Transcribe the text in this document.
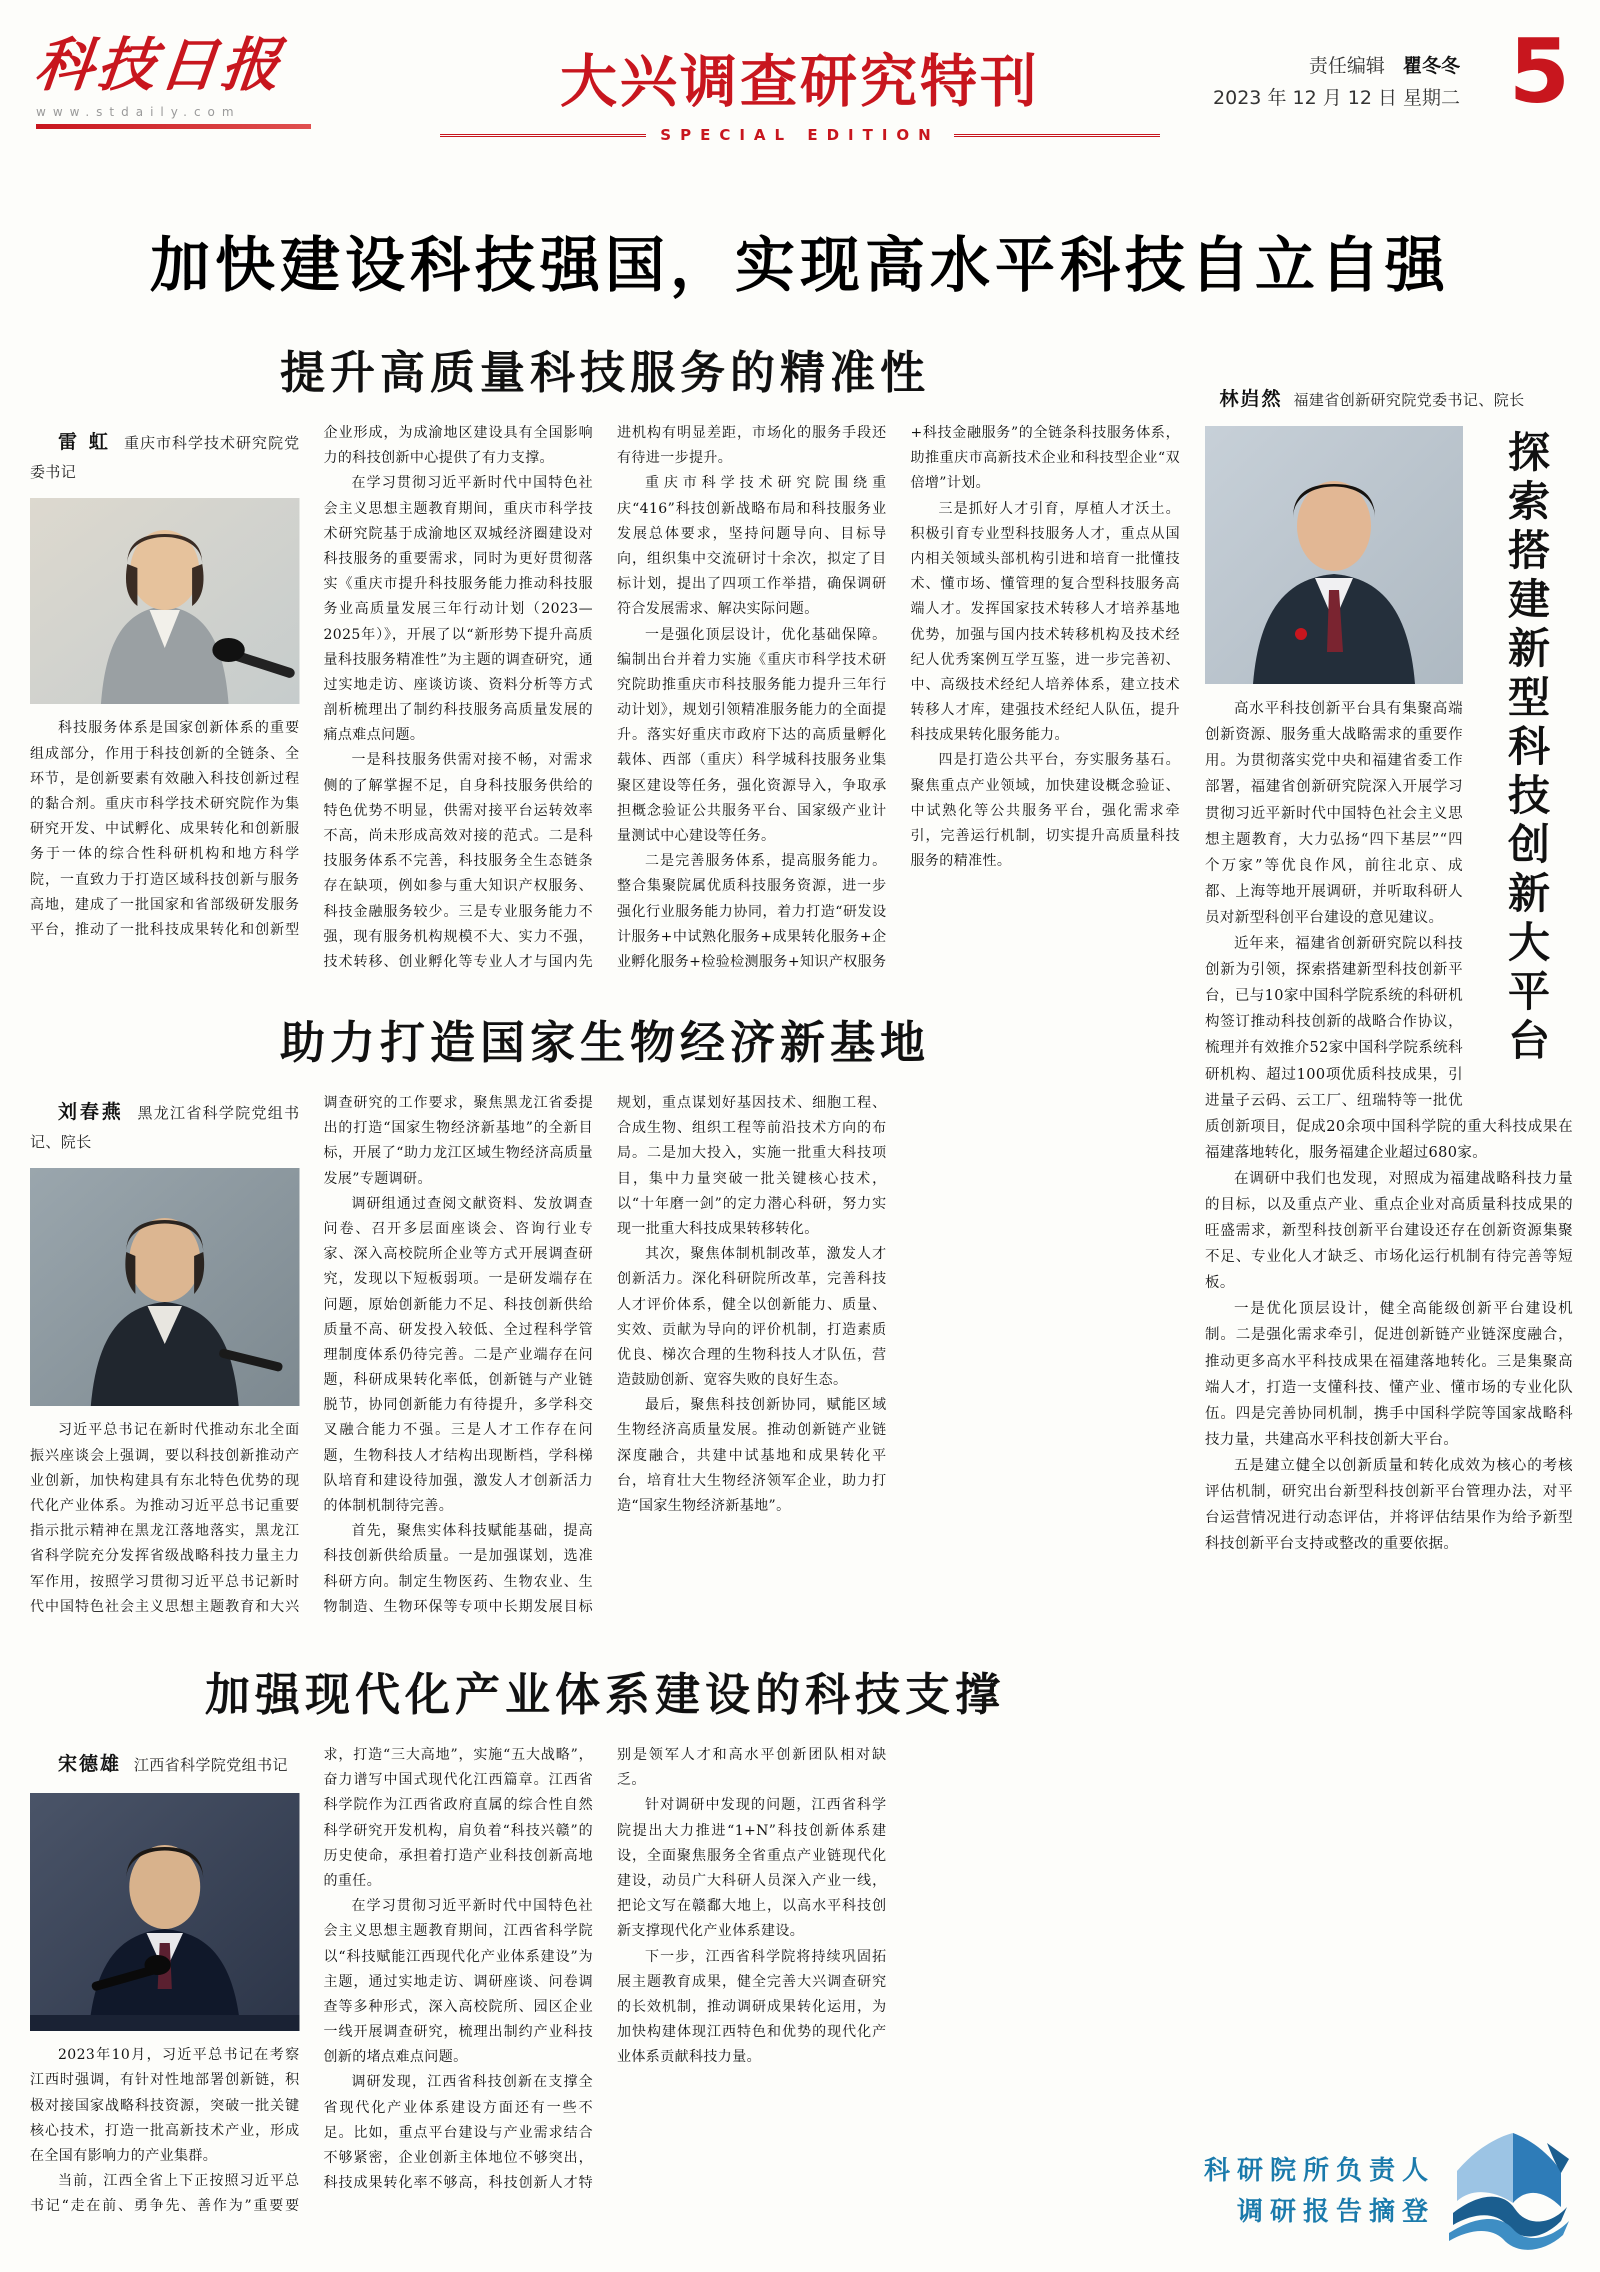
科技日报
www.stdaily.com	大兴调查研究特刊
SPECIAL EDITION
责任编辑 瞿冬冬
2023 年 12 月 12 日 星期二 5
加快建设科技强国，实现高水平科技自立自强
提升高质量科技服务的精准性
雷 虹 重庆市科学技术研究院党委书记

科技服务体系是国家创新体系的重要组成部分，作用于科技创新的全链条、全环节，是创新要素有效融入科技创新过程的黏合剂。重庆市科学技术研究院作为集研究开发、中试孵化、成果转化和创新服务于一体的综合性科研机构和地方科学院，一直致力于打造区域科技创新与服务高地，建成了一批国家和省部级研发服务平台，推动了一批科技成果转化和创新型企业形成，为成渝地区建设具有全国影响力的科技创新中心提供了有力支撑。

在学习贯彻习近平新时代中国特色社会主义思想主题教育期间，重庆市科学技术研究院基于成渝地区双城经济圈建设对科技服务的重要需求，同时为更好贯彻落实《重庆市提升科技服务能力推动科技服务业高质量发展三年行动计划（2023—2025年）》，开展了以“新形势下提升高质量科技服务精准性”为主题的调查研究，通过实地走访、座谈访谈、资料分析等方式剖析梳理出了制约科技服务高质量发展的痛点难点问题。

一是科技服务供需对接不畅，对需求侧的了解掌握不足，自身科技服务供给的特色优势不明显，供需对接平台运转效率不高，尚未形成高效对接的范式。二是科技服务体系不完善，科技服务全生态链条存在缺项，例如参与重大知识产权服务、科技金融服务较少。三是专业服务能力不强，现有服务机构规模不大、实力不强，技术转移、创业孵化等专业人才与国内先进机构有明显差距，市场化的服务手段还有待进一步提升。

重庆市科学技术研究院围绕重庆“416”科技创新战略布局和科技服务业发展总体要求，坚持问题导向、目标导向，组织集中交流研讨十余次，拟定了目标计划，提出了四项工作举措，确保调研符合发展需求、解决实际问题。

一是强化顶层设计，优化基础保障。编制出台并着力实施《重庆市科学技术研究院助推重庆市科技服务能力提升三年行动计划》，规划引领精准服务能力的全面提升。落实好重庆市政府下达的高质量孵化载体、西部（重庆）科学城科技服务业集聚区建设等任务，强化资源导入，争取承担概念验证公共服务平台、国家级产业计量测试中心建设等任务。

二是完善服务体系，提高服务能力。整合集聚院属优质科技服务资源，进一步强化行业服务能力协同，着力打造“研发设计服务+中试熟化服务+成果转化服务+企业孵化服务+检验检测服务+知识产权服务+科技金融服务”的全链条科技服务体系，助推重庆市高新技术企业和科技型企业“双倍增”计划。

三是抓好人才引育，厚植人才沃土。积极引育专业型科技服务人才，重点从国内相关领域头部机构引进和培育一批懂技术、懂市场、懂管理的复合型科技服务高端人才。发挥国家技术转移人才培养基地优势，加强与国内技术转移机构及技术经纪人优秀案例互学互鉴，进一步完善初、中、高级技术经纪人培养体系，建立技术转移人才库，建强技术经纪人队伍，提升科技成果转化服务能力。

四是打造公共平台，夯实服务基石。聚焦重点产业领域，加快建设概念验证、中试熟化等公共服务平台，强化需求牵引，完善运行机制，切实提升高质量科技服务的精准性。

助力打造国家生物经济新基地
刘春燕 黑龙江省科学院党组书记、院长

习近平总书记在新时代推动东北全面振兴座谈会上强调，要以科技创新推动产业创新，加快构建具有东北特色优势的现代化产业体系。为推动习近平总书记重要指示批示精神在黑龙江落地落实，黑龙江省科学院充分发挥省级战略科技力量主力军作用，按照学习贯彻习近平总书记新时代中国特色社会主义思想主题教育和大兴调查研究的工作要求，聚焦黑龙江省委提出的打造“国家生物经济新基地”的全新目标，开展了“助力龙江区域生物经济高质量发展”专题调研。

调研组通过查阅文献资料、发放调查问卷、召开多层面座谈会、咨询行业专家、深入高校院所企业等方式开展调查研究，发现以下短板弱项。一是研发端存在问题，原始创新能力不足、科技创新供给质量不高、研发投入较低、全过程科学管理制度体系仍待完善。二是产业端存在问题，科研成果转化率低，创新链与产业链脱节，协同创新能力有待提升，多学科交叉融合能力不强。三是人才工作存在问题，生物科技人才结构出现断档，学科梯队培育和建设待加强，激发人才创新活力的体制机制待完善。

首先，聚焦实体科技赋能基础，提高科技创新供给质量。一是加强谋划，选准科研方向。制定生物医药、生物农业、生物制造、生物环保等专项中长期发展目标规划，重点谋划好基因技术、细胞工程、合成生物、组织工程等前沿技术方向的布局。二是加大投入，实施一批重大科技项目，集中力量突破一批关键核心技术，以“十年磨一剑”的定力潜心科研，努力实现一批重大科技成果转移转化。

其次，聚焦体制机制改革，激发人才创新活力。深化科研院所改革，完善科技人才评价体系，健全以创新能力、质量、实效、贡献为导向的评价机制，打造素质优良、梯次合理的生物科技人才队伍，营造鼓励创新、宽容失败的良好生态。

最后，聚焦科技创新协同，赋能区域生物经济高质量发展。推动创新链产业链深度融合，共建中试基地和成果转化平台，培育壮大生物经济领军企业，助力打造“国家生物经济新基地”。

加强现代化产业体系建设的科技支撑
宋德雄 江西省科学院党组书记

2023年10月，习近平总书记在考察江西时强调，有针对性地部署创新链，积极对接国家战略科技资源，突破一批关键核心技术，打造一批高新技术产业，形成在全国有影响力的产业集群。

当前，江西全省上下正按照习近平总书记“走在前、勇争先、善作为”重要要求，打造“三大高地”，实施“五大战略”，奋力谱写中国式现代化江西篇章。江西省科学院作为江西省政府直属的综合性自然科学研究开发机构，肩负着“科技兴赣”的历史使命，承担着打造产业科技创新高地的重任。

在学习贯彻习近平新时代中国特色社会主义思想主题教育期间，江西省科学院以“科技赋能江西现代化产业体系建设”为主题，通过实地走访、调研座谈、问卷调查等多种形式，深入高校院所、园区企业一线开展调查研究，梳理出制约产业科技创新的堵点难点问题。

调研发现，江西省科技创新在支撑全省现代化产业体系建设方面还有一些不足。比如，重点平台建设与产业需求结合不够紧密，企业创新主体地位不够突出，科技成果转化率不够高，科技创新人才特别是领军人才和高水平创新团队相对缺乏。

针对调研中发现的问题，江西省科学院提出大力推进“1+N”科技创新体系建设，全面聚焦服务全省重点产业链现代化建设，动员广大科研人员深入产业一线，把论文写在赣鄱大地上，以高水平科技创新支撑现代化产业体系建设。

下一步，江西省科学院将持续巩固拓展主题教育成果，健全完善大兴调查研究的长效机制，推动调研成果转化运用，为加快构建体现江西特色和优势的现代化产业体系贡献科技力量。

林岿然 福建省创新研究院党委书记、院长
探索搭建新型科技创新大平台

高水平科技创新平台具有集聚高端创新资源、服务重大战略需求的重要作用。为贯彻落实党中央和福建省委工作部署，福建省创新研究院深入开展学习贯彻习近平新时代中国特色社会主义思想主题教育，大力弘扬“四下基层”“四个万家”等优良作风，前往北京、成都、上海等地开展调研，并听取科研人员对新型科创平台建设的意见建议。

近年来，福建省创新研究院以科技创新为引领，探索搭建新型科技创新平台，已与10家中国科学院系统的科研机构签订推动科技创新的战略合作协议，梳理并有效推介52家中国科学院系统科研机构、超过100项优质科技成果，引进量子云码、云工厂、纽瑞特等一批优质创新项目，促成20余项中国科学院的重大科技成果在福建落地转化，服务福建企业超过680家。

在调研中我们也发现，对照成为福建战略科技力量的目标，以及重点产业、重点企业对高质量科技成果的旺盛需求，新型科技创新平台建设还存在创新资源集聚不足、专业化人才缺乏、市场化运行机制有待完善等短板。

一是优化顶层设计，健全高能级创新平台建设机制。二是强化需求牵引，促进创新链产业链深度融合，推动更多高水平科技成果在福建落地转化。三是集聚高端人才，打造一支懂科技、懂产业、懂市场的专业化队伍。四是完善协同机制，携手中国科学院等国家战略科技力量，共建高水平科技创新大平台。

五是建立健全以创新质量和转化成效为核心的考核评估机制，研究出台新型科技创新平台管理办法，对平台运营情况进行动态评估，并将评估结果作为给予新型科技创新平台支持或整改的重要依据。

科研院所负责人
调研报告摘登
